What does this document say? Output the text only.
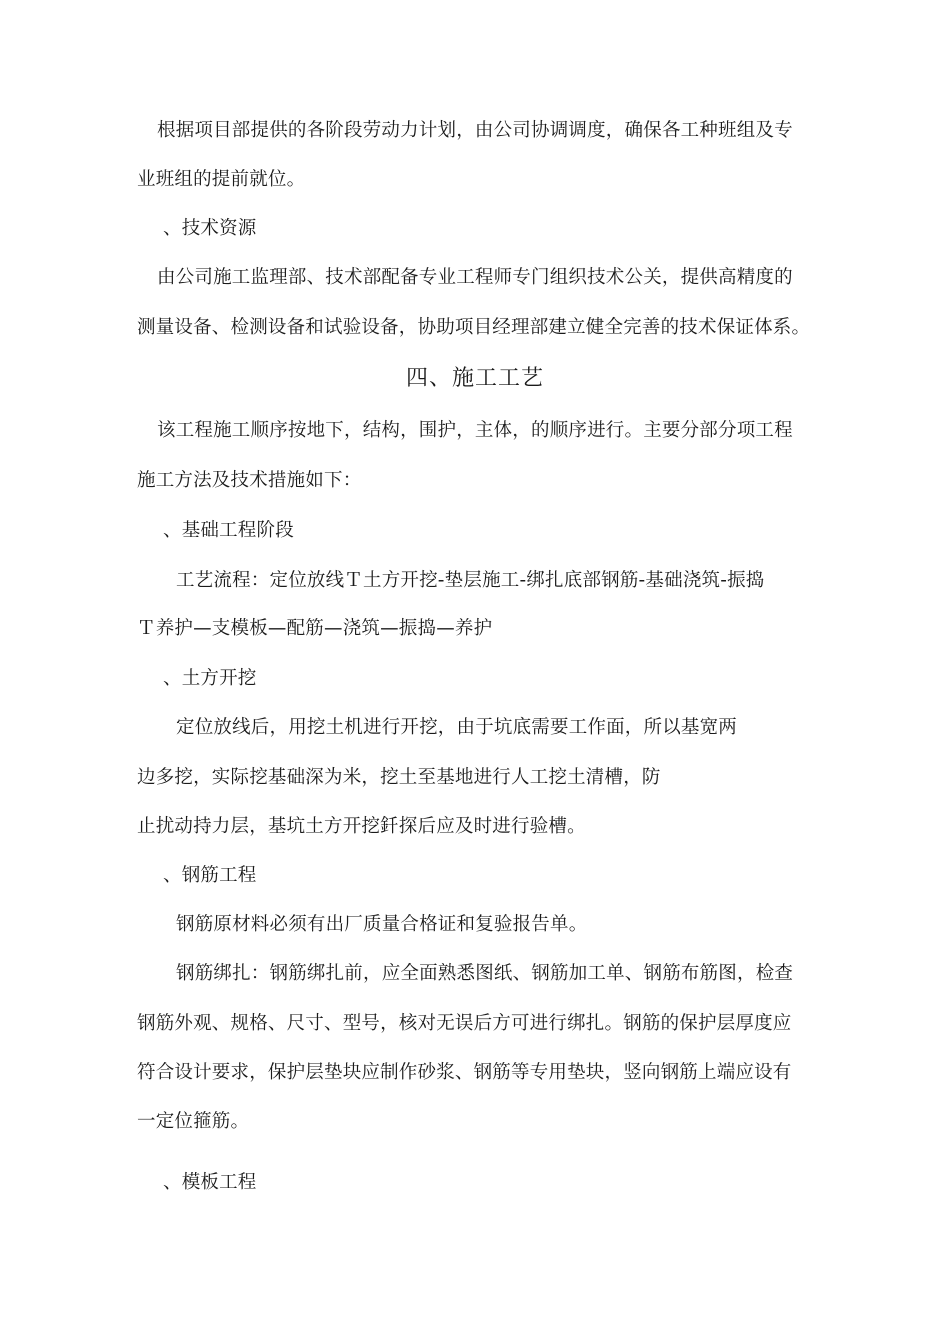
根据项目部提供的各阶段劳动力计划，由公司协调调度，确保各工种班组及专
业班组的提前就位。
、技术资源
由公司施工监理部、技术部配备专业工程师专门组织技术公关，提供高精度的
测量设备、检测设备和试验设备，协助项目经理部建立健全完善的技术保证体系。
四、施工工艺
该工程施工顺序按地下，结构，围护，主体，的顺序进行。主要分部分项工程
施工方法及技术措施如下：
、基础工程阶段
工艺流程：定位放线Ｔ土方开挖-垫层施工-绑扎底部钢筋-基础浇筑-振捣
Ｔ养护—支模板—配筋—浇筑—振捣—养护
、土方开挖
定位放线后，用挖土机进行开挖，由于坑底需要工作面，所以基宽两
边多挖，实际挖基础深为米，挖土至基地进行人工挖土清槽，防
止扰动持力层，基坑土方开挖釺探后应及时进行验槽。
、钢筋工程
钢筋原材料必须有出厂质量合格证和复验报告单。
钢筋绑扎：钢筋绑扎前，应全面熟悉图纸、钢筋加工单、钢筋布筋图，检查
钢筋外观、规格、尺寸、型号，核对无误后方可进行绑扎。钢筋的保护层厚度应
符合设计要求，保护层垫块应制作砂浆、钢筋等专用垫块，竖向钢筋上端应设有
一定位箍筋。
、模板工程
